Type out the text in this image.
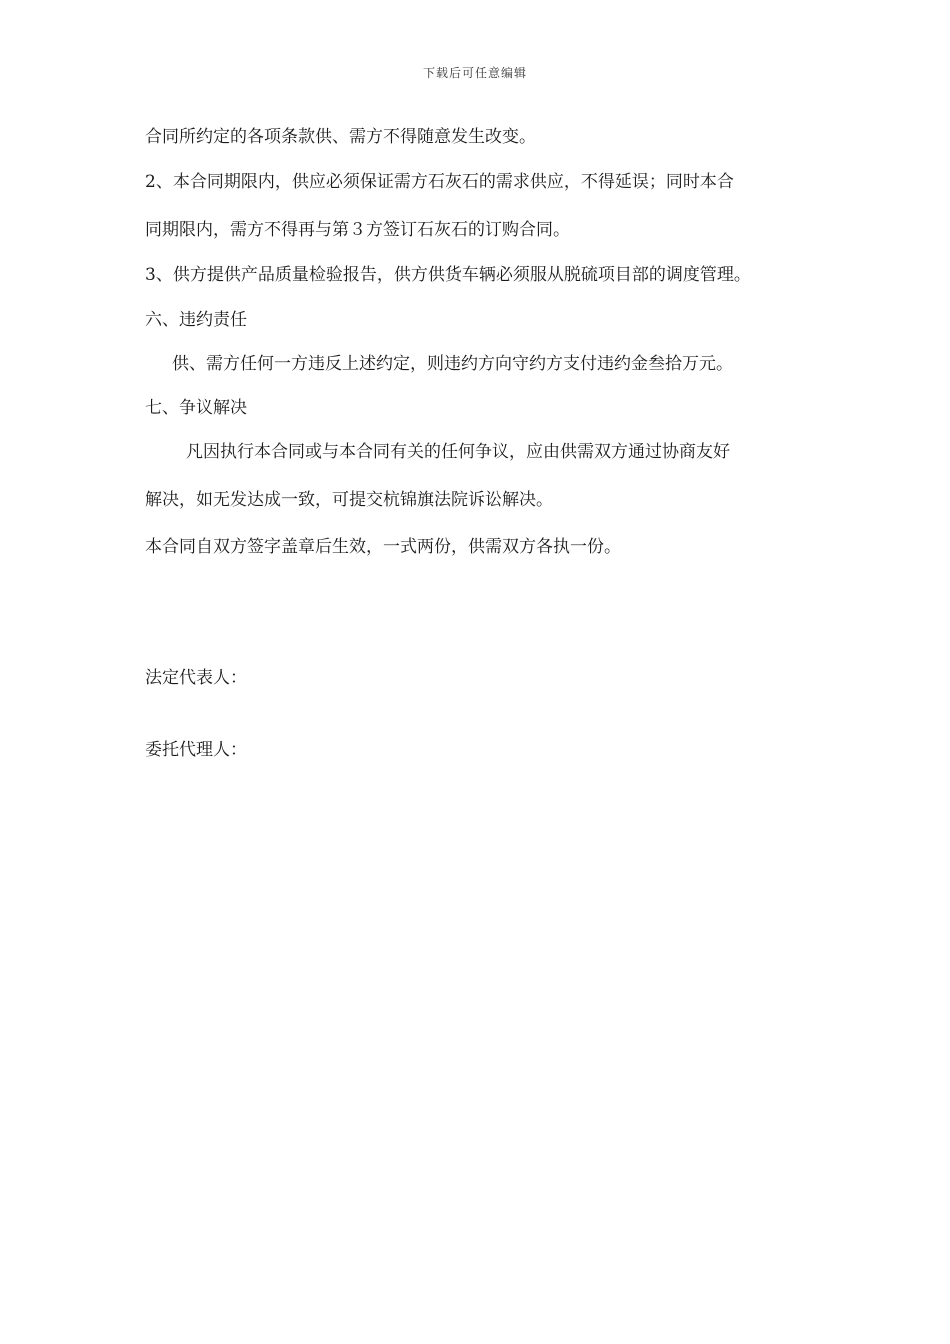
下载后可任意编辑
合同所约定的各项条款供、需方不得随意发生改变。
2、本合同期限内，供应必须保证需方石灰石的需求供应，不得延误；同时本合
同期限内，需方不得再与第３方签订石灰石的订购合同。
3、供方提供产品质量检验报告，供方供货车辆必须服从脱硫项目部的调度管理。
六、违约责任
供、需方任何一方违反上述约定，则违约方向守约方支付违约金叁拾万元。
七、争议解决
凡因执行本合同或与本合同有关的任何争议，应由供需双方通过协商友好
解决，如无发达成一致，可提交杭锦旗法院诉讼解决。
本合同自双方签字盖章后生效，一式两份，供需双方各执一份。
法定代表人：
委托代理人：
